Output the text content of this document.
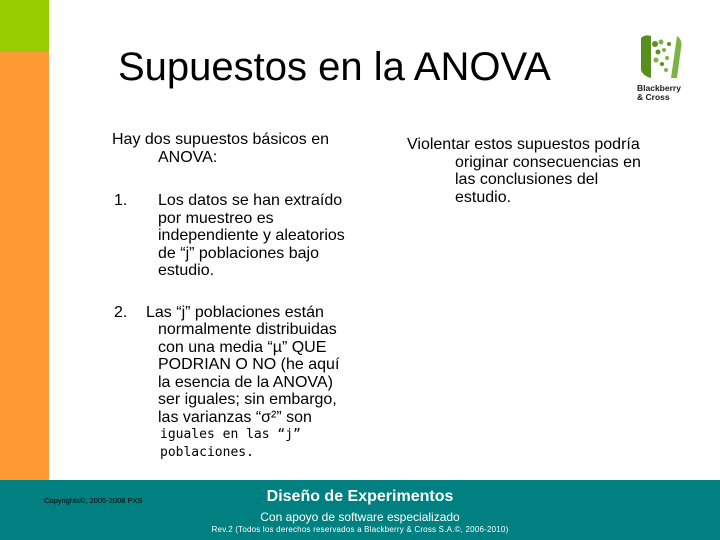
Supuestos en la ANOVA	Blackberry
& Cross
Hay dos supuestos básicos en
ANOVA:
1. Los datos se han extraído
por muestreo es
independiente y aleatorios
de “j” poblaciones bajo
estudio.
2.	Las “j” poblaciones están
normalmente distribuidas
con una media “µ” QUE
PODRIAN O NO (he aquí
la esencia de la ANOVA)
ser iguales; sin embargo,
las varianzas “σ²” son
iguales en las “j”
poblaciones.
Violentar estos supuestos podría
originar consecuencias en
las conclusiones del
estudio.
Copyrights©, 2005-2008 PXS	Diseño de Experimentos
Con apoyo de software especializado
Rev.2 (Todos los derechos reservados a Blackberry & Cross S.A.©, 2006-2010)
